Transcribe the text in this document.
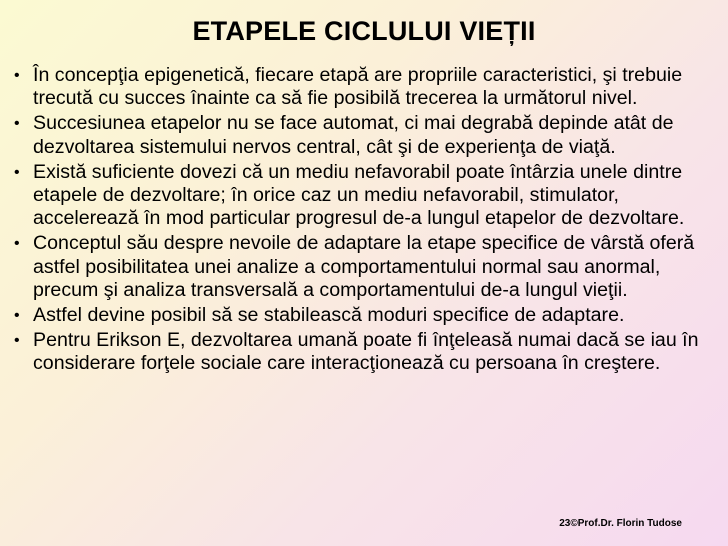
ETAPELE CICLULUI VIEȚII
• În concepţia epigenetică, fiecare etapă are propriile caracteristici, şi trebuie trecută cu succes înainte ca să fie posibilă trecerea la următorul nivel.
• Succesiunea etapelor nu se face automat, ci mai degrabă depinde atât de dezvoltarea sistemului nervos central, cât şi de experienţa de viaţă.
• Există suficiente dovezi că un mediu nefavorabil poate întârzia unele dintre etapele de dezvoltare; în orice caz un mediu nefavorabil, stimulator, accelerează în mod particular progresul de-a lungul etapelor de dezvoltare.
• Conceptul său despre nevoile de adaptare la etape specifice de vârstă oferă astfel posibilitatea unei analize a comportamentului normal sau anormal, precum şi analiza transversală a comportamentului de-a lungul vieţii.
• Astfel devine posibil să se stabilească moduri specifice de adaptare.
• Pentru Erikson E, dezvoltarea umană poate fi înţeleasă numai dacă se iau în considerare forţele sociale care interacţionează cu persoana în creştere.
23©Prof.Dr. Florin Tudose
